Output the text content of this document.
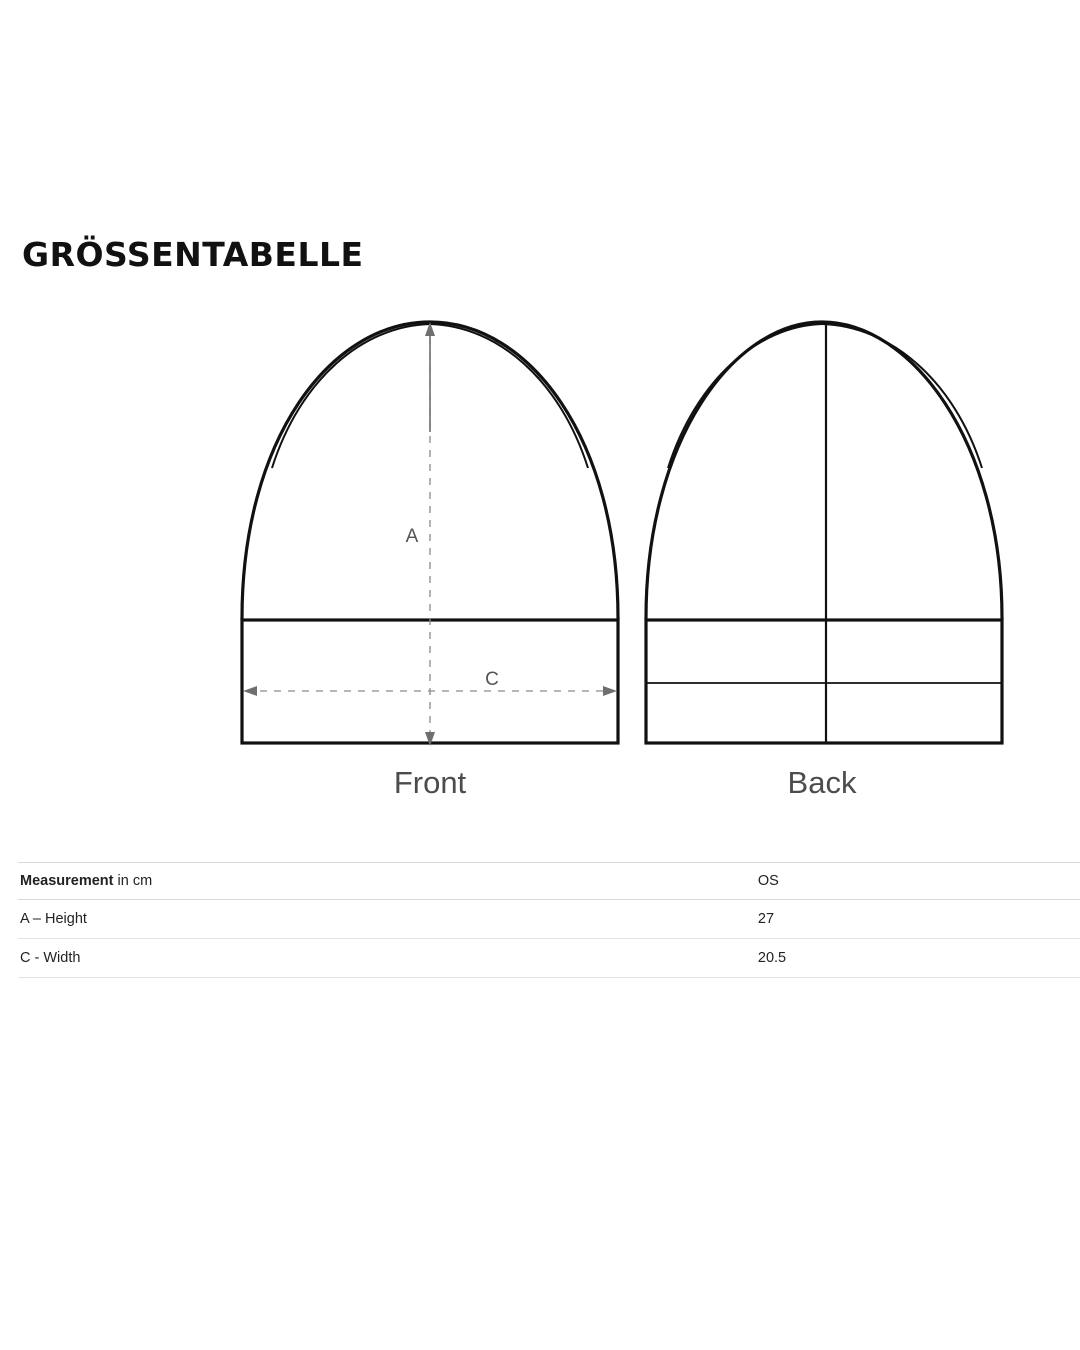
GRÖSSENTABELLE
A
C
Front	Back
Measurement in cm	OS
A – Height	27
C - Width	20.5
